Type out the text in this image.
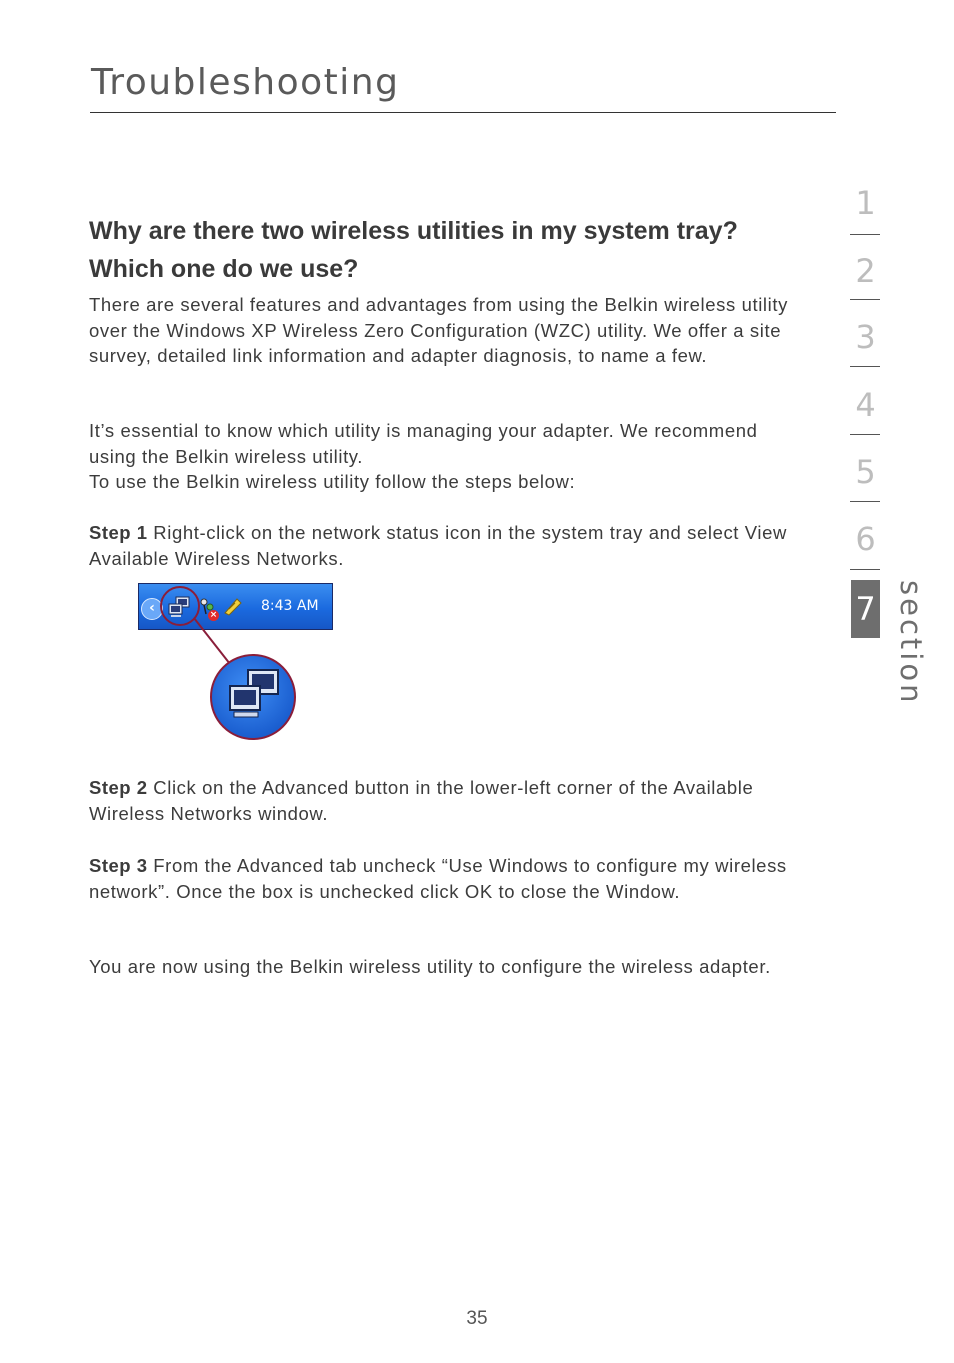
Troubleshooting
Why are there two wireless utilities in my system tray?
Which one do we use?

There are several features and advantages from using the Belkin wireless utility over the Windows XP Wireless Zero Configuration (WZC) utility. We offer a site survey, detailed link information and adapter diagnosis, to name a few.

It’s essential to know which utility is managing your adapter. We recommend using the Belkin wireless utility.
To use the Belkin wireless utility follow the steps below:

Step 1 Right-click on the network status icon in the system tray and select View Available Wireless Networks.

‹	×
8:43 AM

Step 2 Click on the Advanced button in the lower-left corner of the Available Wireless Networks window.

Step 3 From the Advanced tab uncheck “Use Windows to configure my wireless network”. Once the box is unchecked click OK to close the Window.

You are now using the Belkin wireless utility to configure the wireless adapter.

1
2
3
4
5
6
7 section
35
